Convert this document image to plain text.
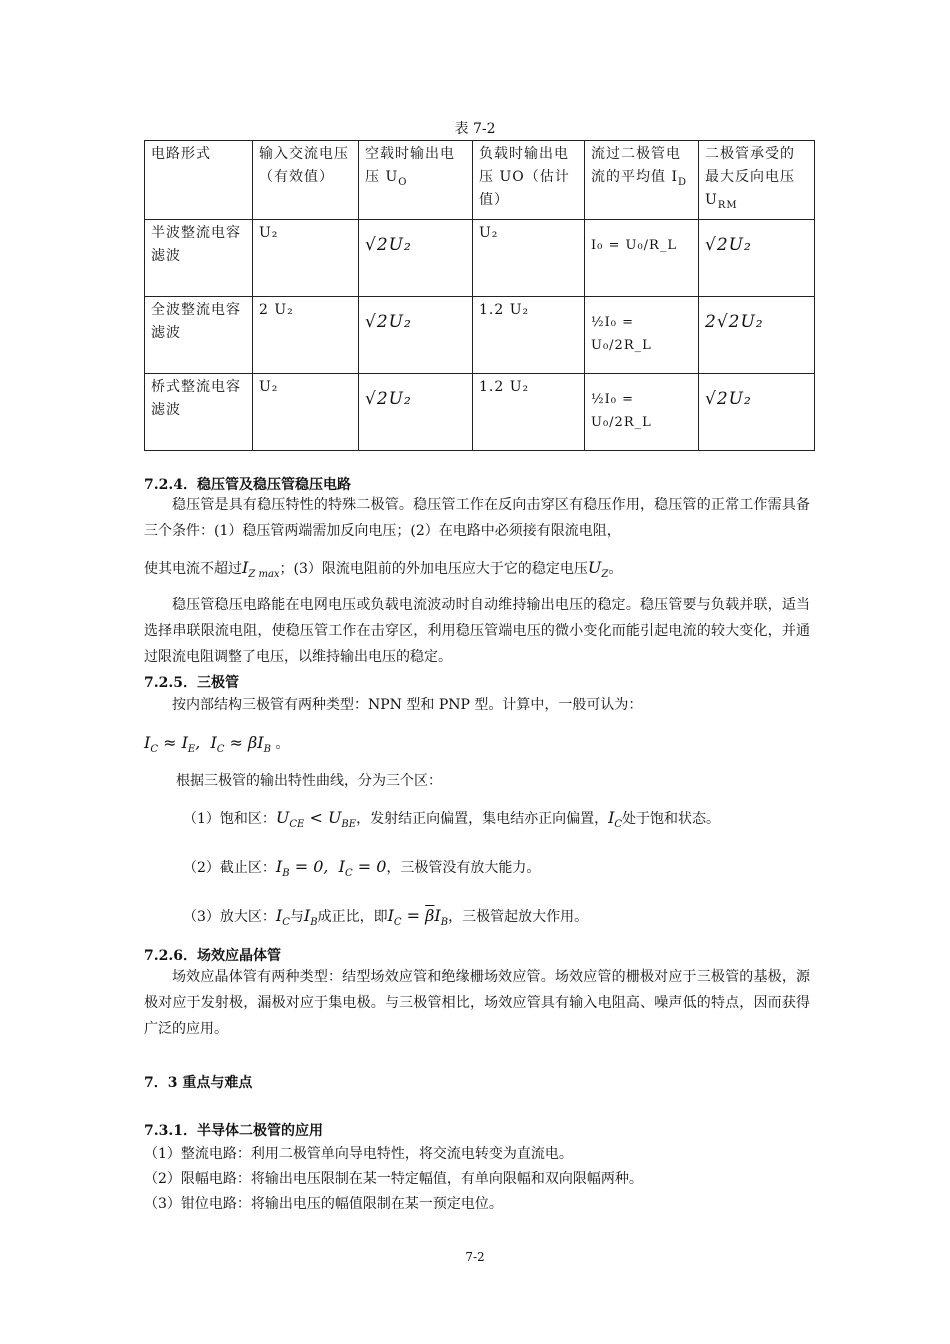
表 7-2
电路形式	输入交流电压（有效值）	空载时输出电压 $U_O$	负载时输出电压 UO（估计值）	流过二极管电流的平均值 $I_D$	二极管承受的最大反向电压 $U_{RM}$
半波整流电容滤波	U₂	√2U₂	U₂	I₀ = U₀/R_L	√2U₂
全波整流电容滤波	2 U₂	√2U₂	1.2 U₂	½I₀ = U₀/2R_L	2√2U₂
桥式整流电容滤波	U₂	√2U₂	1.2 U₂	½I₀ = U₀/2R_L	√2U₂
7.2.4．稳压管及稳压管稳压电路
稳压管是具有稳压特性的特殊二极管。稳压管工作在反向击穿区有稳压作用，稳压管的正常工作需具备三个条件：(1）稳压管两端需加反向电压；(2）在电路中必须接有限流电阻，
使其电流不超过$I_{Z max}$；(3）限流电阻前的外加电压应大于它的稳定电压$U_Z$。
稳压管稳压电路能在电网电压或负载电流波动时自动维持输出电压的稳定。稳压管要与负载并联，适当选择串联限流电阻，使稳压管工作在击穿区，利用稳压管端电压的微小变化而能引起电流的较大变化，并通过限流电阻调整了电压，以维持输出电压的稳定。
7.2.5．三极管
按内部结构三极管有两种类型：NPN 型和 PNP 型。计算中，一般可认为：
$I_C \approx I_E$,  $I_C \approx \beta I_B$ 。
根据三极管的输出特性曲线，分为三个区：
（1）饱和区：$U_{CE} < U_{BE}$，发射结正向偏置，集电结亦正向偏置，$I_C$处于饱和状态。
（2）截止区：$I_B = 0$,  $I_C = 0$，三极管没有放大能力。
（3）放大区：$I_C$与$I_B$成正比，即$I_C = \overline{\beta}I_B$，三极管起放大作用。
7.2.6．场效应晶体管
场效应晶体管有两种类型：结型场效应管和绝缘栅场效应管。场效应管的栅极对应于三极管的基极，源极对应于发射极，漏极对应于集电极。与三极管相比，场效应管具有输入电阻高、噪声低的特点，因而获得广泛的应用。
7．3 重点与难点
7.3.1．半导体二极管的应用
（1）整流电路：利用二极管单向导电特性，将交流电转变为直流电。
（2）限幅电路：将输出电压限制在某一特定幅值，有单向限幅和双向限幅两种。
（3）钳位电路：将输出电压的幅值限制在某一预定电位。
7-2
